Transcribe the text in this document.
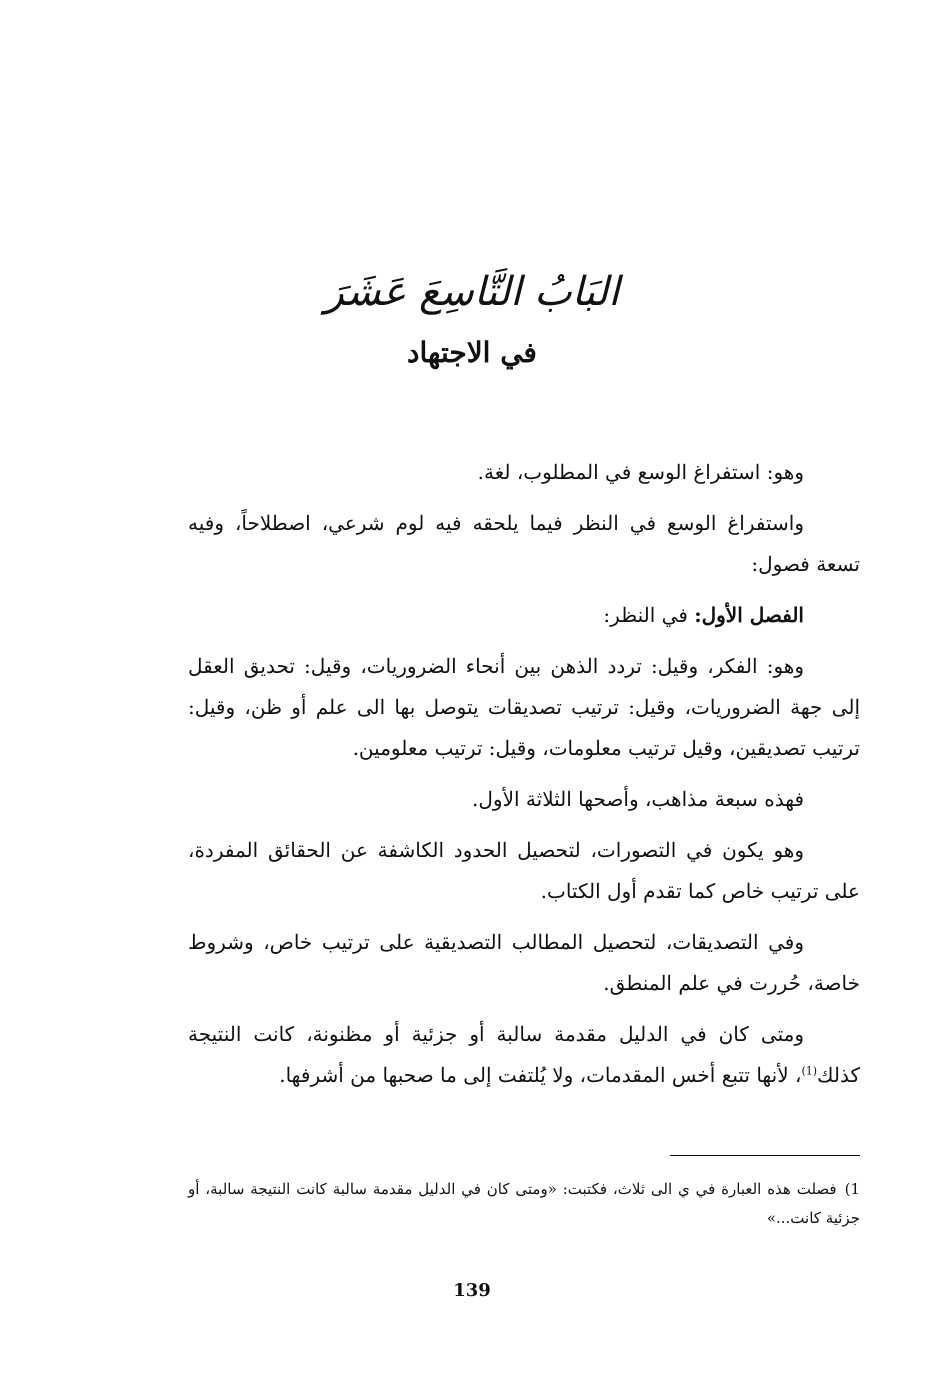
البَابُ التَّاسِعَ عَشَرَ
في الاجتهاد

وهو: استفراغ الوسع في المطلوب، لغة.

واستفراغ الوسع في النظر فيما يلحقه فيه لوم شرعي، اصطلاحاً، وفيه تسعة فصول:

الفصل الأول: في النظر:

وهو: الفكر، وقيل: تردد الذهن بين أنحاء الضروريات، وقيل: تحديق العقل إلى جهة الضروريات، وقيل: ترتيب تصديقات يتوصل بها الى علم أو ظن، وقيل: ترتيب تصديقين، وقيل ترتيب معلومات، وقيل: ترتيب معلومين.

فهذه سبعة مذاهب، وأصحها الثلاثة الأول.

وهو يكون في التصورات، لتحصيل الحدود الكاشفة عن الحقائق المفردة، على ترتيب خاص كما تقدم أول الكتاب.

وفي التصديقات، لتحصيل المطالب التصديقية على ترتيب خاص، وشروط خاصة، حُررت في علم المنطق.

ومتى كان في الدليل مقدمة سالبة أو جزئية أو مظنونة، كانت النتيجة كذلك$^{(1)}$، لأنها تتبع أخس المقدمات، ولا يُلتفت إلى ما صحبها من أشرفها.

1)فصلت هذه العبارة في ي الى ثلاث، فكتبت: «ومتى كان في الدليل مقدمة سالبة كانت النتيجة سالبة، أو جزئية كانت...»
139
